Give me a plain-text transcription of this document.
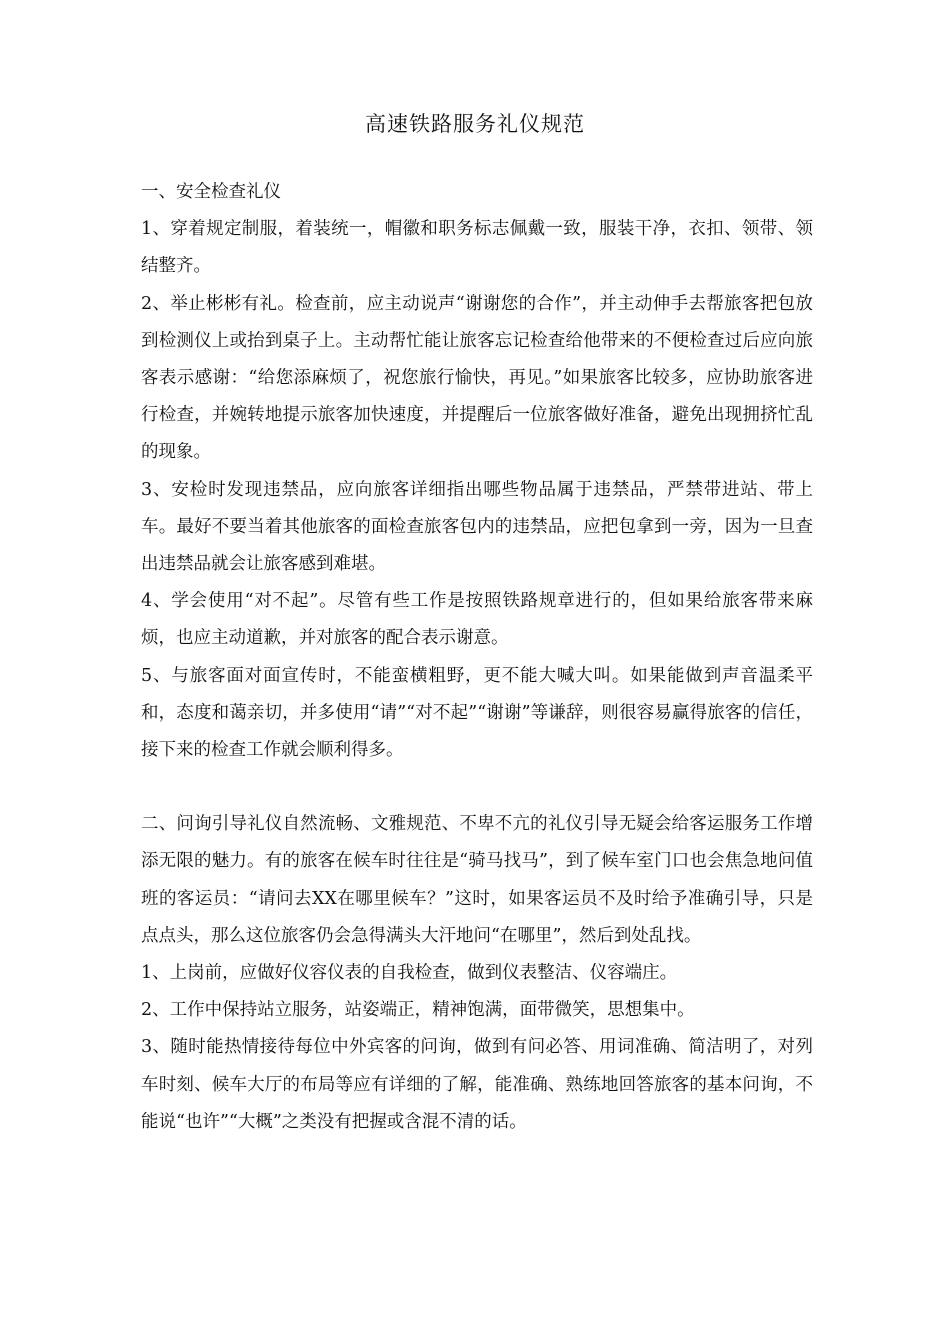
高速铁路服务礼仪规范

一、安全检查礼仪

1、穿着规定制服，着装统一，帽徽和职务标志佩戴一致，服装干净，衣扣、领带、领结整齐。

2、举止彬彬有礼。检查前，应主动说声“谢谢您的合作”，并主动伸手去帮旅客把包放到检测仪上或抬到桌子上。主动帮忙能让旅客忘记检查给他带来的不便检查过后应向旅客表示感谢：“给您添麻烦了，祝您旅行愉快，再见。”如果旅客比较多，应协助旅客进行检查，并婉转地提示旅客加快速度，并提醒后一位旅客做好准备，避免出现拥挤忙乱的现象。

3、安检时发现违禁品，应向旅客详细指出哪些物品属于违禁品，严禁带进站、带上车。最好不要当着其他旅客的面检查旅客包内的违禁品，应把包拿到一旁，因为一旦查出违禁品就会让旅客感到难堪。

4、学会使用“对不起”。尽管有些工作是按照铁路规章进行的，但如果给旅客带来麻烦，也应主动道歉，并对旅客的配合表示谢意。

5、与旅客面对面宣传时，不能蛮横粗野，更不能大喊大叫。如果能做到声音温柔平和，态度和蔼亲切，并多使用“请”“对不起”“谢谢”等谦辞，则很容易赢得旅客的信任，接下来的检查工作就会顺利得多。

二、问询引导礼仪自然流畅、文雅规范、不卑不亢的礼仪引导无疑会给客运服务工作增添无限的魅力。有的旅客在候车时往往是“骑马找马”，到了候车室门口也会焦急地问值班的客运员：“请问去XX在哪里候车？”这时，如果客运员不及时给予准确引导，只是点点头，那么这位旅客仍会急得满头大汗地问“在哪里”，然后到处乱找。

1、上岗前，应做好仪容仪表的自我检查，做到仪表整洁、仪容端庄。

2、工作中保持站立服务，站姿端正，精神饱满，面带微笑，思想集中。

3、随时能热情接待每位中外宾客的问询，做到有问必答、用词准确、简洁明了，对列车时刻、候车大厅的布局等应有详细的了解，能准确、熟练地回答旅客的基本问询，不能说“也许”“大概”之类没有把握或含混不清的话。
